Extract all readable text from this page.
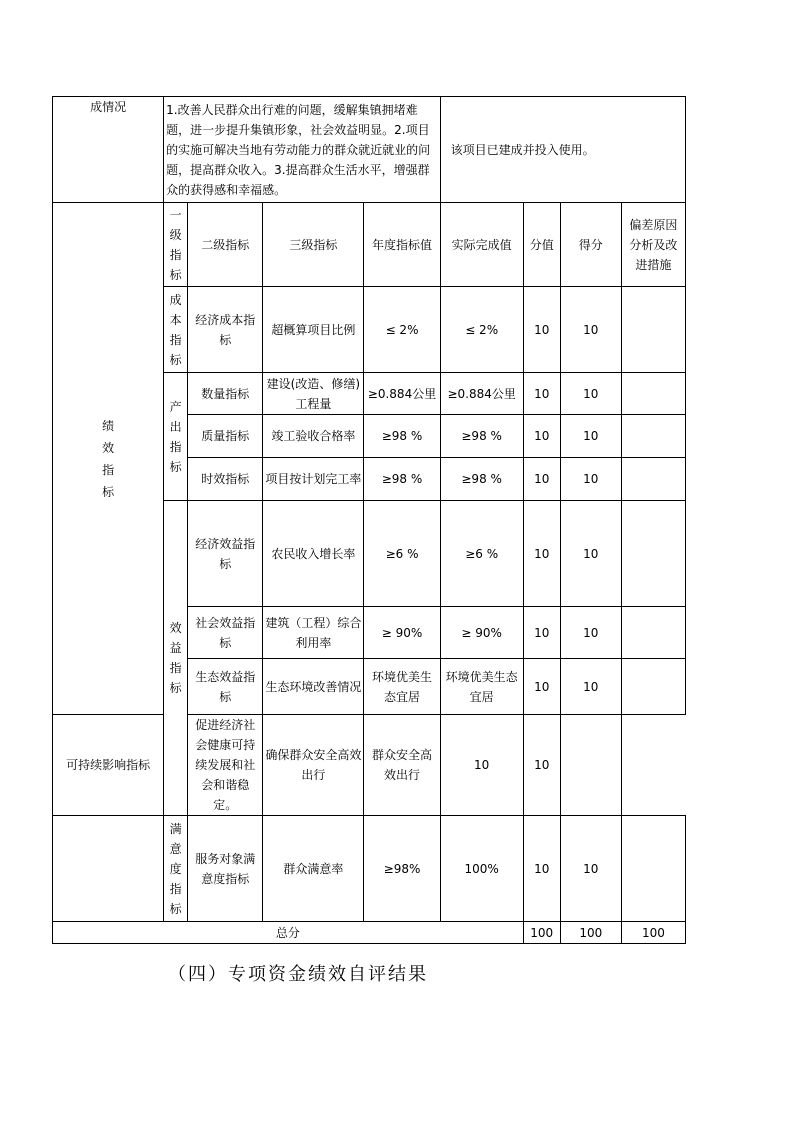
成情况	1.改善人民群众出行难的问题，缓解集镇拥堵难题，进一步提升集镇形象，社会效益明显。2.项目的实施可解决当地有劳动能力的群众就近就业的问题，提高群众收入。3.提高群众生活水平，增强群众的获得感和幸福感。				该项目已建成并投入使用。			
绩效指标	一级指标	二级指标	三级指标	年度指标值	实际完成值	分值	得分	偏差原因分析及改进措施
	成本指标	经济成本指标	超概算项目比例	≤ 2%	≤ 2%	10	10	
	产出指标	数量指标	建设(改造、修缮)工程量	≥0.884公里	≥0.884公里	10	10	
		质量指标	竣工验收合格率	≥98 %	≥98 %	10	10	
		时效指标	项目按计划完工率	≥98 %	≥98 %	10	10	
	效益指标	经济效益指标	农民收入增长率	≥6 %	≥6 %	10	10	
		社会效益指标	建筑（工程）综合利用率	≥ 90%	≥ 90%	10	10	
		生态效益指标	生态环境改善情况	环境优美生态宜居	环境优美生态宜居	10	10	
可持续影响指标		促进经济社会健康可持续发展和社会和谐稳定。	确保群众安全高效出行	群众安全高效出行	10	10		
	满意度指标	服务对象满意度指标	群众满意率	≥98%	100%	10	10	
总分						100	100	100
（四）专项资金绩效自评结果
